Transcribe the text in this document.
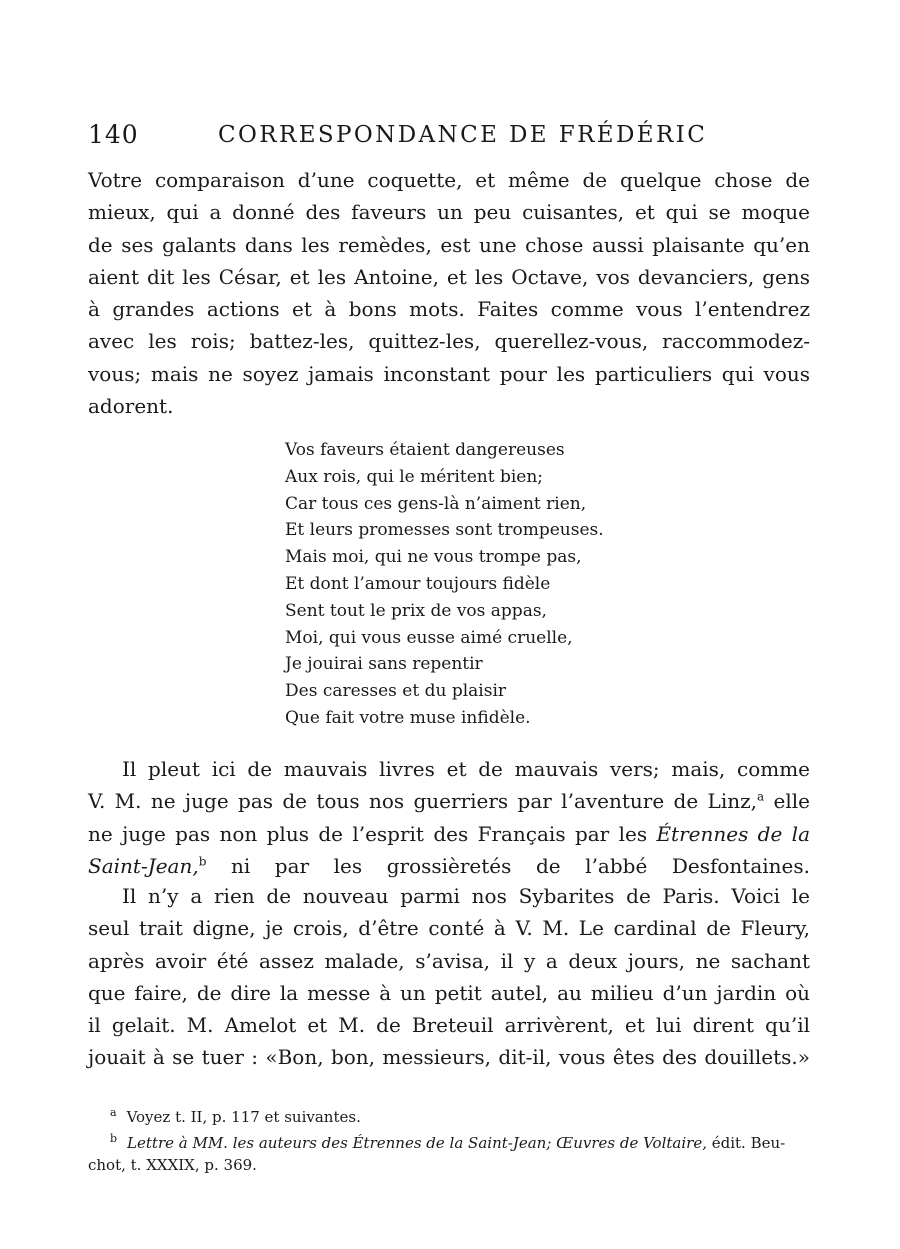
140	CORRESPONDANCE DE FRÉDÉRIC
Votre comparaison d’une coquette, et même de quelque chose de
mieux, qui a donné des faveurs un peu cuisantes, et qui se moque
de ses galants dans les remèdes, est une chose aussi plaisante qu’en
aient dit les César, et les Antoine, et les Octave, vos devanciers, gens
à grandes actions et à bons mots. Faites comme vous l’entendrez
avec les rois; battez-les, quittez-les, querellez-vous, raccommodez-
vous; mais ne soyez jamais inconstant pour les particuliers qui vous
adorent.
Vos faveurs étaient dangereuses
Aux rois, qui le méritent bien;
Car tous ces gens-là n’aiment rien,
Et leurs promesses sont trompeuses.
Mais moi, qui ne vous trompe pas,
Et dont l’amour toujours fidèle
Sent tout le prix de vos appas,
Moi, qui vous eusse aimé cruelle,
Je jouirai sans repentir
Des caresses et du plaisir
Que fait votre muse infidèle.
Il pleut ici de mauvais livres et de mauvais vers; mais, comme
V. M. ne juge pas de tous nos guerriers par l’aventure de Linz,$^a$ elle
ne juge pas non plus de l’esprit des Français par les Étrennes de la
Saint-Jean,$^b$ ni par les grossièretés de l’abbé Desfontaines.
Il n’y a rien de nouveau parmi nos Sybarites de Paris. Voici le
seul trait digne, je crois, d’être conté à V. M. Le cardinal de Fleury,
après avoir été assez malade, s’avisa, il y a deux jours, ne sachant
que faire, de dire la messe à un petit autel, au milieu d’un jardin où
il gelait. M. Amelot et M. de Breteuil arrivèrent, et lui dirent qu’il
jouait à se tuer : «Bon, bon, messieurs, dit-il, vous êtes des douillets.»
$^a$ Voyez t. II, p. 117 et suivantes.
$^b$ Lettre à MM. les auteurs des Étrennes de la Saint-Jean; Œuvres de Voltaire, édit. Beu-
chot, t. XXXIX, p. 369.
